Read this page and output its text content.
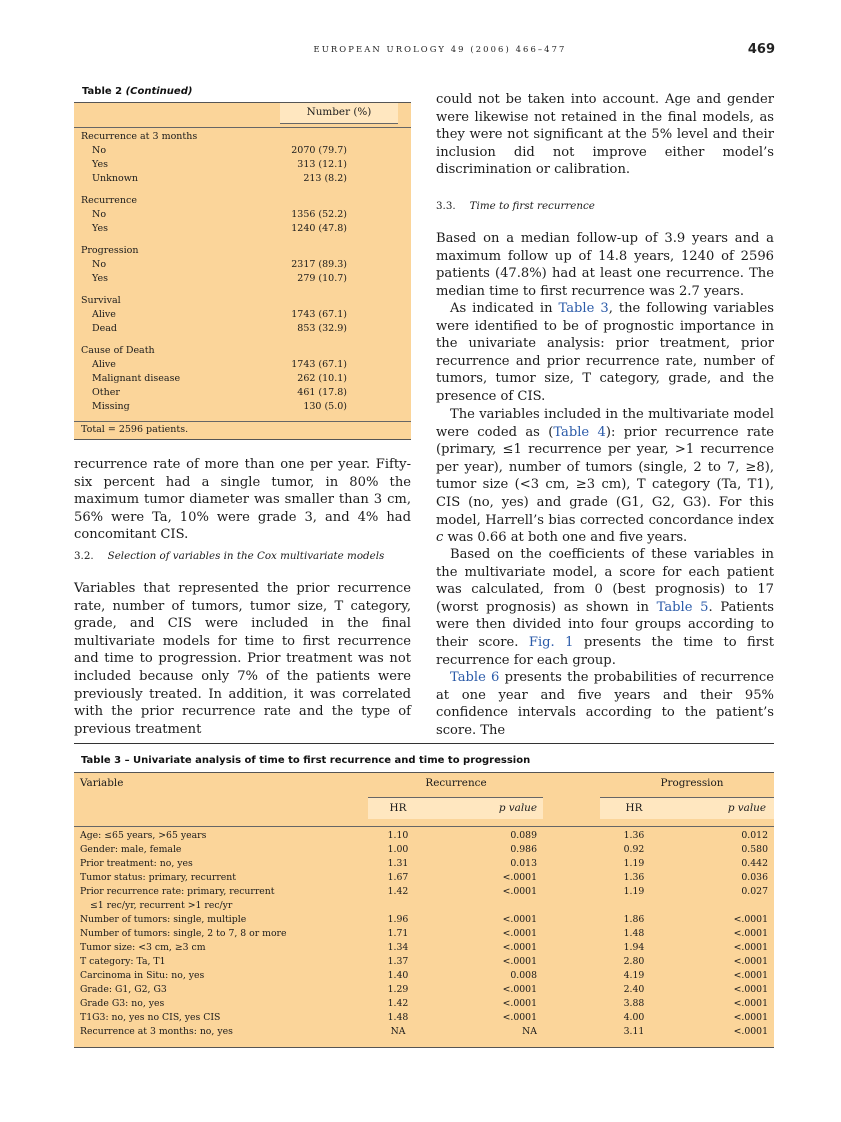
EUROPEAN UROLOGY 49 (2006) 466–477	469
Table 2 (Continued)
Number (%)
Recurrence at 3 months
No	2070 (79.7)
Yes	313 (12.1)
Unknown	213 (8.2)
Recurrence
No	1356 (52.2)
Yes	1240 (47.8)
Progression
No	2317 (89.3)
Yes	279 (10.7)
Survival
Alive	1743 (67.1)
Dead	853 (32.9)
Cause of Death
Alive	1743 (67.1)
Malignant disease	262 (10.1)
Other	461 (17.8)
Missing	130 (5.0)
Total = 2596 patients.
recurrence rate of more than one per year. Fifty-six percent had a single tumor, in 80% the maximum tumor diameter was smaller than 3 cm, 56% were Ta, 10% were grade 3, and 4% had concomitant CIS.
3.2. Selection of variables in the Cox multivariate models
Variables that represented the prior recurrence rate, number of tumors, tumor size, T category, grade, and CIS were included in the final multivariate models for time to first recurrence and time to progression. Prior treatment was not included because only 7% of the patients were previously treated. In addition, it was correlated with the prior recurrence rate and the type of previous treatment
could not be taken into account. Age and gender were likewise not retained in the final models, as they were not significant at the 5% level and their inclusion did not improve either model’s discrimination or calibration.
3.3. Time to first recurrence
Based on a median follow-up of 3.9 years and a maximum follow up of 14.8 years, 1240 of 2596 patients (47.8%) had at least one recurrence. The median time to first recurrence was 2.7 years.
As indicated in Table 3, the following variables were identified to be of prognostic importance in the univariate analysis: prior treatment, prior recurrence and prior recurrence rate, number of tumors, tumor size, T category, grade, and the presence of CIS.
The variables included in the multivariate model were coded as (Table 4): prior recurrence rate (primary, ≤1 recurrence per year, >1 recurrence per year), number of tumors (single, 2 to 7, ≥8), tumor size (<3 cm, ≥3 cm), T category (Ta, T1), CIS (no, yes) and grade (G1, G2, G3). For this model, Harrell’s bias corrected concordance index c was 0.66 at both one and five years.
Based on the coefficients of these variables in the multivariate model, a score for each patient was calculated, from 0 (best prognosis) to 17 (worst prognosis) as shown in Table 5. Patients were then divided into four groups according to their score. Fig. 1 presents the time to first recurrence for each group.
Table 6 presents the probabilities of recurrence at one year and five years and their 95% confidence intervals according to the patient’s score. The
Table 3 – Univariate analysis of time to first recurrence and time to progression
Variable	Recurrence	Progression
HR	p value	HR	p value
Age: ≤65 years, >65 years	1.10	0.089	1.36	0.012
Gender: male, female	1.00	0.986	0.92	0.580
Prior treatment: no, yes	1.31	0.013	1.19	0.442
Tumor status: primary, recurrent	1.67	<.0001	1.36	0.036
Prior recurrence rate: primary, recurrent	1.42	<.0001	1.19	0.027
≤1 rec/yr, recurrent >1 rec/yr
Number of tumors: single, multiple	1.96	<.0001	1.86	<.0001
Number of tumors: single, 2 to 7, 8 or more	1.71	<.0001	1.48	<.0001
Tumor size: <3 cm, ≥3 cm	1.34	<.0001	1.94	<.0001
T category: Ta, T1	1.37	<.0001	2.80	<.0001
Carcinoma in Situ: no, yes	1.40	0.008	4.19	<.0001
Grade: G1, G2, G3	1.29	<.0001	2.40	<.0001
Grade G3: no, yes	1.42	<.0001	3.88	<.0001
T1G3: no, yes no CIS, yes CIS	1.48	<.0001	4.00	<.0001
Recurrence at 3 months: no, yes	NA	NA	3.11	<.0001
